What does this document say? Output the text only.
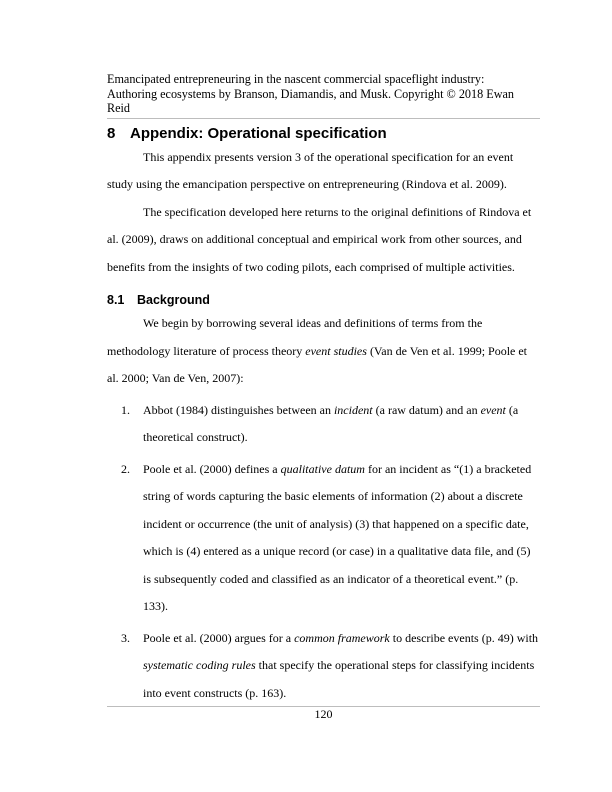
Emancipated entrepreneuring in the nascent commercial spaceflight industry:
Authoring ecosystems by Branson, Diamandis, and Musk. Copyright © 2018 Ewan Reid
8 Appendix: Operational specification

This appendix presents version 3 of the operational specification for an event study using the emancipation perspective on entrepreneuring (Rindova et al. 2009).

The specification developed here returns to the original definitions of Rindova et al. (2009), draws on additional conceptual and empirical work from other sources, and benefits from the insights of two coding pilots, each comprised of multiple activities.

8.1 Background

We begin by borrowing several ideas and definitions of terms from the methodology literature of process theory event studies (Van de Ven et al. 1999; Poole et al. 2000; Van de Ven, 2007):

1. Abbot (1984) distinguishes between an incident (a raw datum) and an event (a theoretical construct).
2. Poole et al. (2000) defines a qualitative datum for an incident as “(1) a bracketed string of words capturing the basic elements of information (2) about a discrete incident or occurrence (the unit of analysis) (3) that happened on a specific date, which is (4) entered as a unique record (or case) in a qualitative data file, and (5) is subsequently coded and classified as an indicator of a theoretical event.” (p. 133).
3. Poole et al. (2000) argues for a common framework to describe events (p. 49) with systematic coding rules that specify the operational steps for classifying incidents into event constructs (p. 163).
120
